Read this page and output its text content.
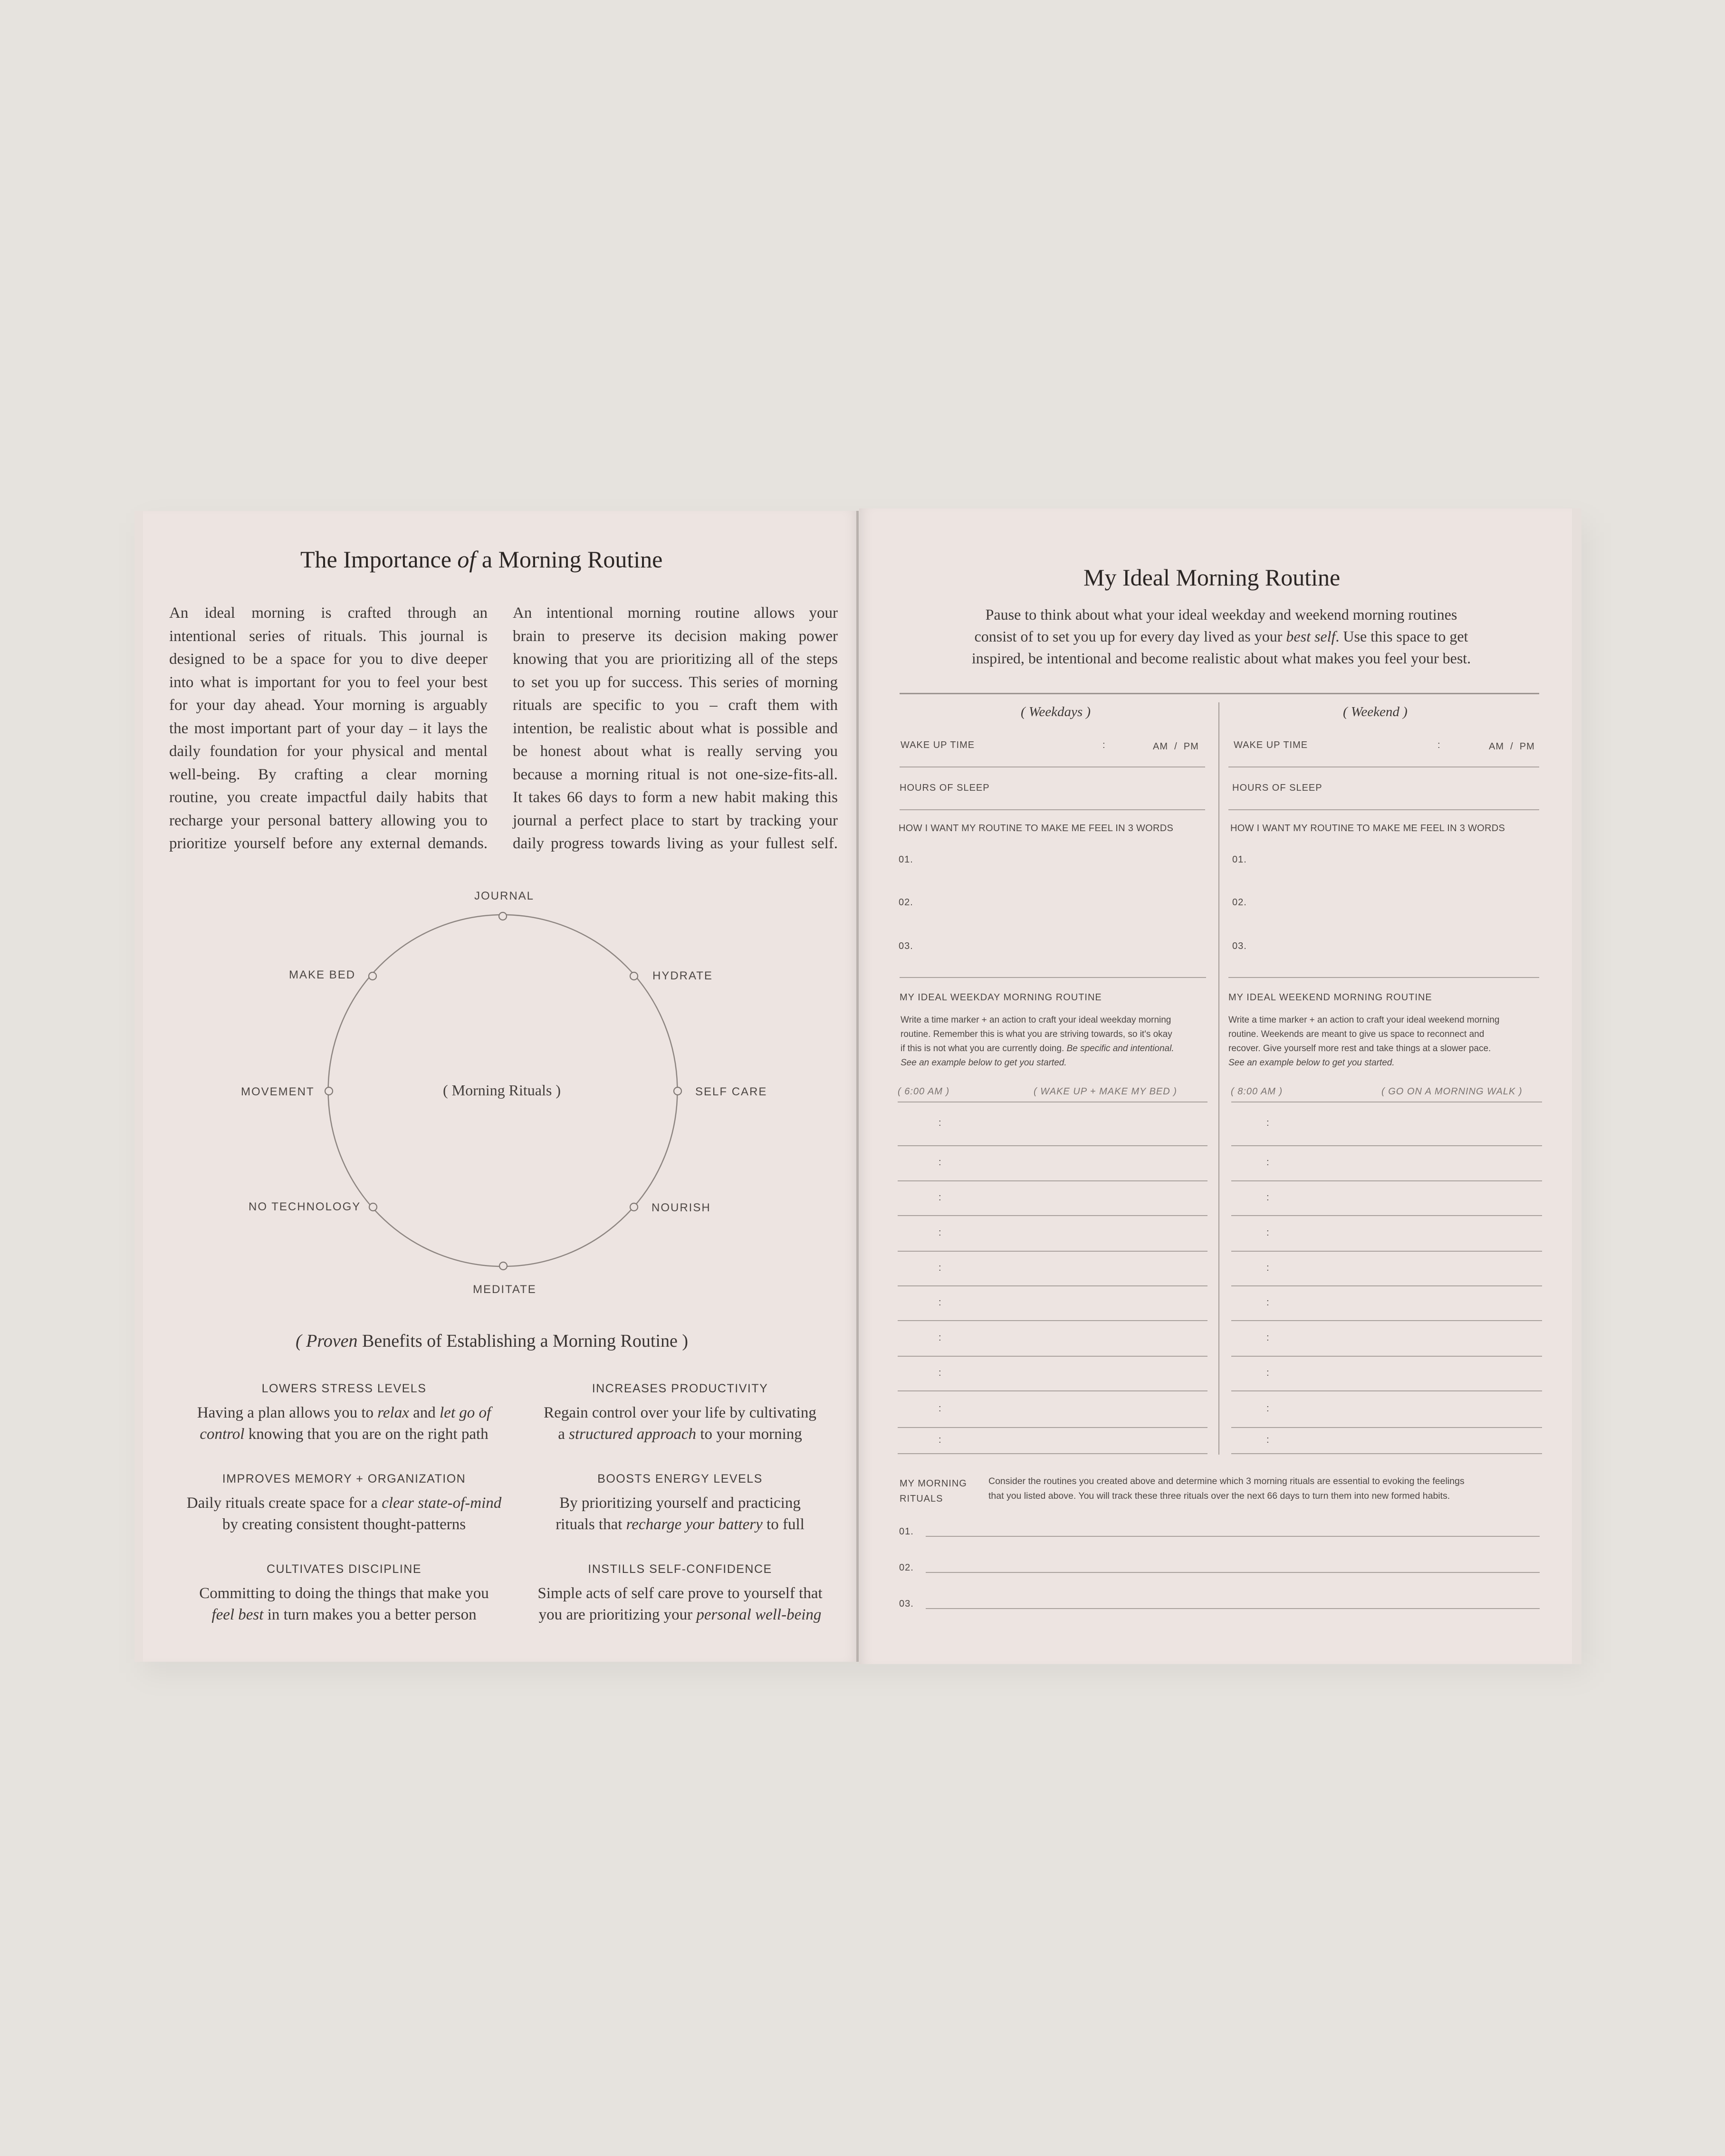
The Importance of a Morning Routine
An ideal morning is crafted through an
intentional series of rituals. This journal is
designed to be a space for you to dive deeper
into what is important for you to feel your best
for your day ahead. Your morning is arguably
the most important part of your day – it lays the
daily foundation for your physical and mental
well-being. By crafting a clear morning
routine, you create impactful daily habits that
recharge your personal battery allowing you to
prioritize yourself before any external demands.
An intentional morning routine allows your
brain to preserve its decision making power
knowing that you are prioritizing all of the steps
to set you up for success. This series of morning
rituals are specific to you – craft them with
intention, be realistic about what is possible and
be honest about what is really serving you
because a morning ritual is not one-size-fits-all.
It takes 66 days to form a new habit making this
journal a perfect place to start by tracking your
daily progress towards living as your fullest self.
( Morning Rituals )
JOURNAL
HYDRATE
SELF CARE
NOURISH
MEDITATE
NO TECHNOLOGY
MOVEMENT
MAKE BED
( Proven Benefits of Establishing a Morning Routine )
LOWERS STRESS LEVELS
Having a plan allows you to relax and let go of
control knowing that you are on the right path
INCREASES PRODUCTIVITY
Regain control over your life by cultivating
a structured approach to your morning
IMPROVES MEMORY + ORGANIZATION
Daily rituals create space for a clear state-of-mind
by creating consistent thought-patterns
BOOSTS ENERGY LEVELS
By prioritizing yourself and practicing
rituals that recharge your battery to full
CULTIVATES DISCIPLINE
Committing to doing the things that make you
feel best in turn makes you a better person
INSTILLS SELF-CONFIDENCE
Simple acts of self care prove to yourself that
you are prioritizing your personal well-being
My Ideal Morning Routine
Pause to think about what your ideal weekday and weekend morning routines
consist of to set you up for every day lived as your best self. Use this space to get
inspired, be intentional and become realistic about what makes you feel your best.
( Weekdays )
WAKE UP TIME	:	AM  /  PM
HOURS OF SLEEP
HOW I WANT MY ROUTINE TO MAKE ME FEEL IN 3 WORDS
01.
02.
03.
MY IDEAL WEEKDAY MORNING ROUTINE
Write a time marker + an action to craft your ideal weekday morning
routine. Remember this is what you are striving towards, so it's okay
if this is not what you are currently doing. Be specific and intentional.
See an example below to get you started.
( 6:00 AM )	( WAKE UP + MAKE MY BED )
( Weekend )
WAKE UP TIME	:	AM  /  PM
HOURS OF SLEEP
HOW I WANT MY ROUTINE TO MAKE ME FEEL IN 3 WORDS
01.
02.
03.
MY IDEAL WEEKEND MORNING ROUTINE
Write a time marker + an action to craft your ideal weekend morning
routine. Weekends are meant to give us space to reconnect and
recover. Give yourself more rest and take things at a slower pace.
See an example below to get you started.
( 8:00 AM )	( GO ON A MORNING WALK )
:
:
:
:
:
:
:
:
:
:
:
:
:
:
:
:
:
:
:
:
MY MORNING
RITUALS
Consider the routines you created above and determine which 3 morning rituals are essential to evoking the feelings
that you listed above. You will track these three rituals over the next 66 days to turn them into new formed habits.
01.
02.
03.
